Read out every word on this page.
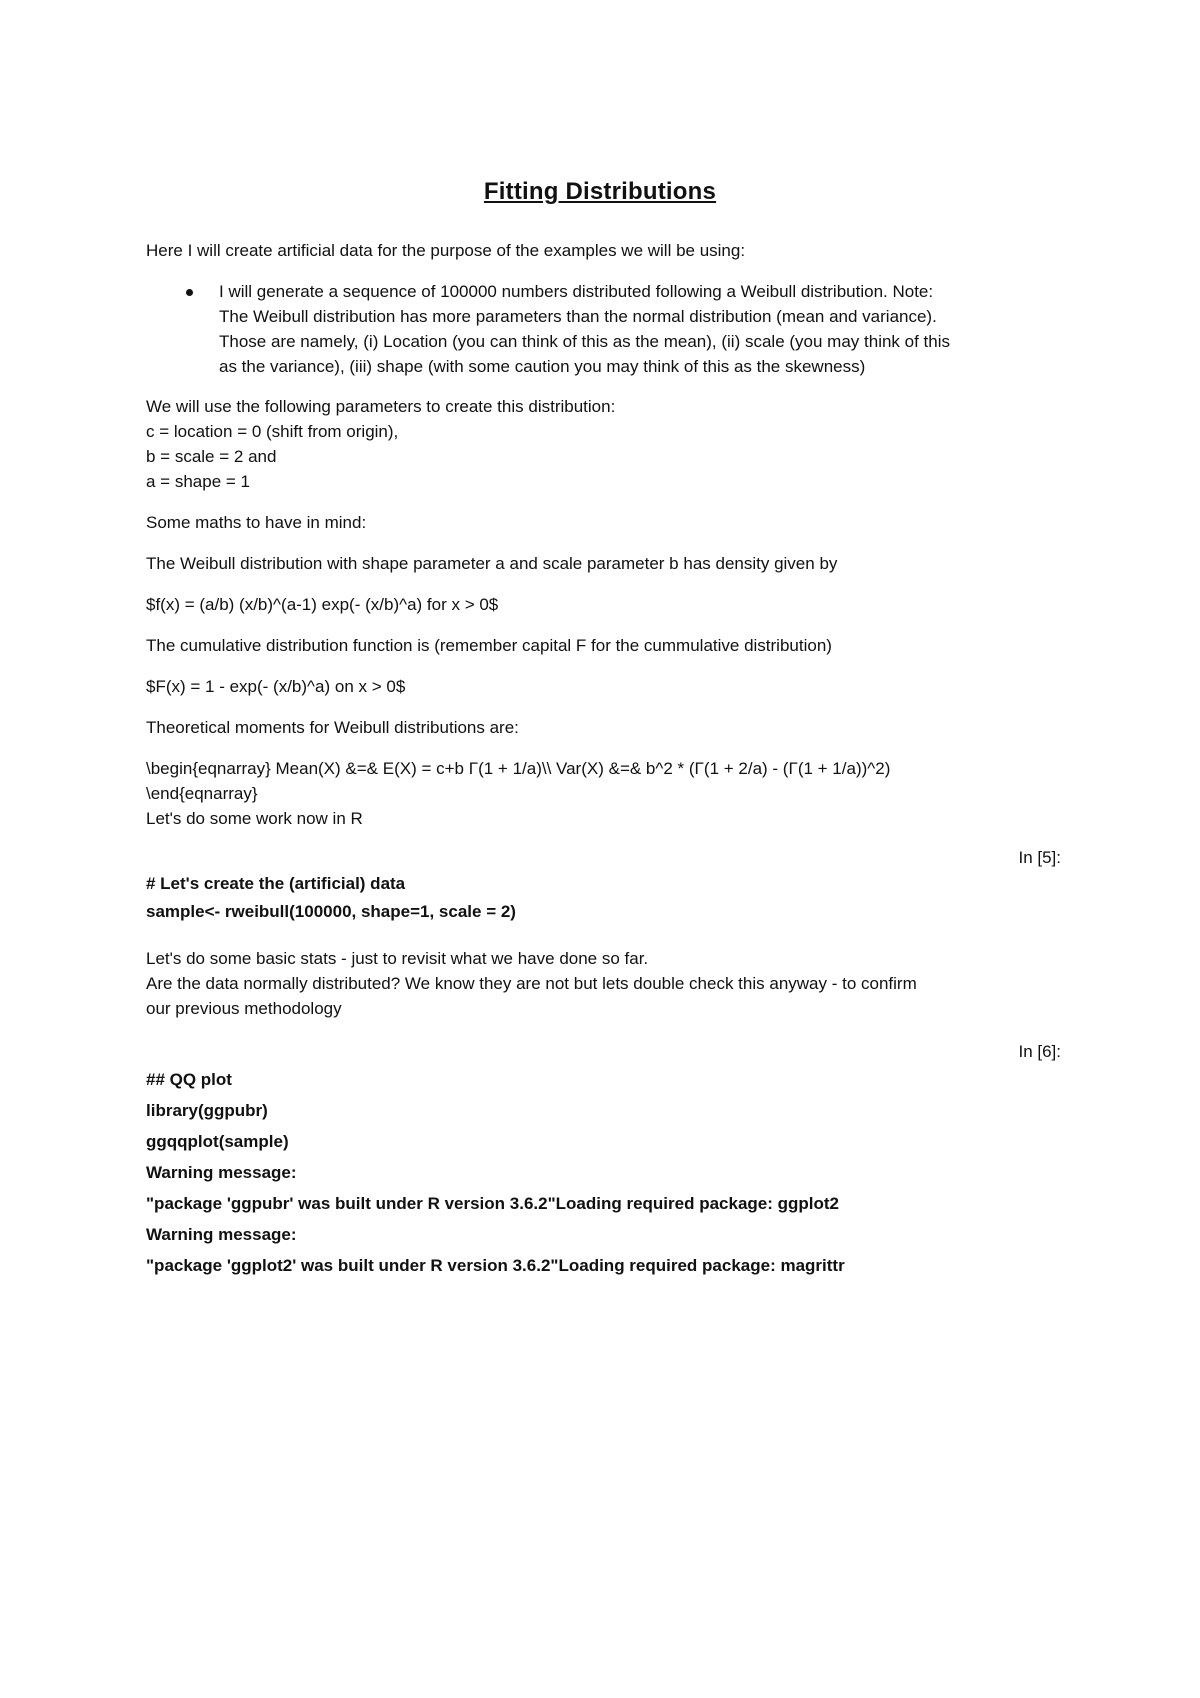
Fitting Distributions

Here I will create artificial data for the purpose of the examples we will be using:

I will generate a sequence of 100000 numbers distributed following a Weibull distribution. Note:
The Weibull distribution has more parameters than the normal distribution (mean and variance).
Those are namely, (i) Location (you can think of this as the mean), (ii) scale (you may think of this
as the variance), (iii) shape (with some caution you may think of this as the skewness)
We will use the following parameters to create this distribution:
c = location = 0 (shift from origin),
b = scale = 2 and
a = shape = 1

Some maths to have in mind:

The Weibull distribution with shape parameter a and scale parameter b has density given by

$f(x) = (a/b) (x/b)^(a-1) exp(- (x/b)^a) for x > 0$

The cumulative distribution function is (remember capital F for the cummulative distribution)

$F(x) = 1 - exp(- (x/b)^a) on x > 0$

Theoretical moments for Weibull distributions are:

\begin{eqnarray} Mean(X) &=& E(X) = c+b Γ(1 + 1/a)\\ Var(X) &=& b^2 * (Γ(1 + 2/a) - (Γ(1 + 1/a))^2)
\end{eqnarray}
Let's do some work now in R
In [5]:
# Let's create the (artificial) data
sample<- rweibull(100000, shape=1, scale = 2)
Let's do some basic stats - just to revisit what we have done so far.
Are the data normally distributed? We know they are not but lets double check this anyway - to confirm
our previous methodology
In [6]:
## QQ plot
library(ggpubr)
ggqqplot(sample)
Warning message:
"package 'ggpubr' was built under R version 3.6.2"Loading required package: ggplot2
Warning message:
"package 'ggplot2' was built under R version 3.6.2"Loading required package: magrittr
